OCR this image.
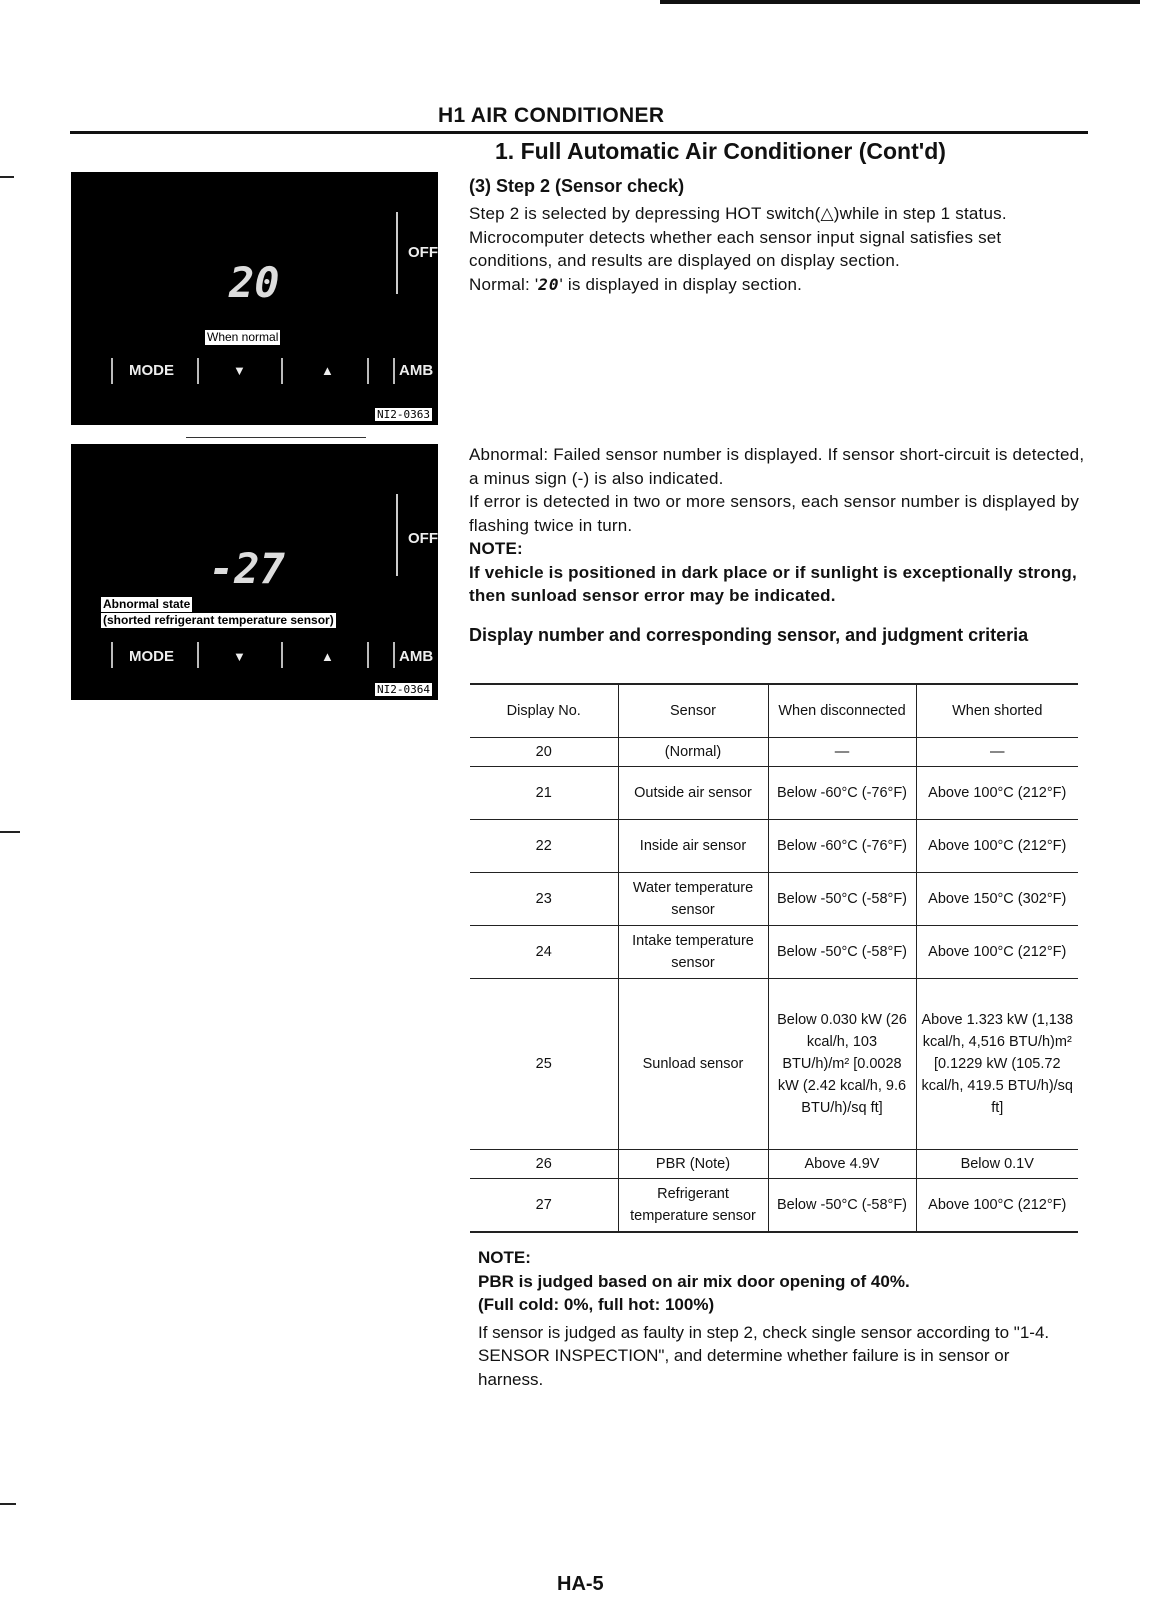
H1 AIR CONDITIONER
1. Full Automatic Air Conditioner (Cont'd)
(3) Step 2 (Sensor check)

Step 2 is selected by depressing HOT switch(△)while in step 1 status.

Microcomputer detects whether each sensor input signal satisfies set conditions, and results are displayed on display section.

Normal: '20' is displayed in display section.

OFF
20
When normal
MODE	▼	▲	AMB
NI2-0363
OFF
-27
Abnormal state
(shorted refrigerant temperature sensor)
MODE	▼	▲	AMB
NI2-0364

Abnormal: Failed sensor number is displayed. If sensor short-circuit is detected, a minus sign (-) is also indicated.

If error is detected in two or more sensors, each sensor number is displayed by flashing twice in turn.

NOTE:

If vehicle is positioned in dark place or if sunlight is exceptionally strong, then sunload sensor error may be indicated.

Display number and corresponding sensor, and judgment criteria
Display No.	Sensor	When disconnected	When shorted
20	(Normal)	—	—
21	Outside air sensor	Below -60°C (-76°F)	Above 100°C (212°F)
22	Inside air sensor	Below -60°C (-76°F)	Above 100°C (212°F)
23	Water temperature sensor	Below -50°C (-58°F)	Above 150°C (302°F)
24	Intake temperature sensor	Below -50°C (-58°F)	Above 100°C (212°F)
25	Sunload sensor	Below 0.030 kW (26 kcal/h, 103 BTU/h)/m² [0.0028 kW (2.42 kcal/h, 9.6 BTU/h)/sq ft]	Above 1.323 kW (1,138 kcal/h, 4,516 BTU/h)m² [0.1229 kW (105.72 kcal/h, 419.5 BTU/h)/sq ft]
26	PBR (Note)	Above 4.9V	Below 0.1V
27	Refrigerant temperature sensor	Below -50°C (-58°F)	Above 100°C (212°F)

NOTE:

PBR is judged based on air mix door opening of 40%.

(Full cold: 0%, full hot: 100%)

If sensor is judged as faulty in step 2, check single sensor according to "1-4. SENSOR INSPECTION", and determine whether failure is in sensor or harness.

HA-5
